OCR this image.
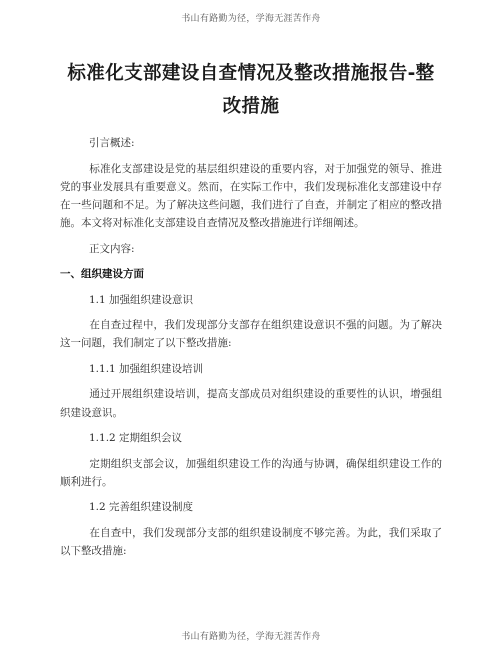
书山有路勤为径，学海无涯苦作舟
标准化支部建设自查情况及整改措施报告-整改措施
引言概述:
标准化支部建设是党的基层组织建设的重要内容，对于加强党的领导、推进党的事业发展具有重要意义。然而，在实际工作中，我们发现标准化支部建设中存在一些问题和不足。为了解决这些问题，我们进行了自查，并制定了相应的整改措施。本文将对标准化支部建设自查情况及整改措施进行详细阐述。
正文内容:
一、组织建设方面
1.1 加强组织建设意识
在自查过程中，我们发现部分支部存在组织建设意识不强的问题。为了解决这一问题，我们制定了以下整改措施:
1.1.1 加强组织建设培训
通过开展组织建设培训，提高支部成员对组织建设的重要性的认识，增强组织建设意识。
1.1.2 定期组织会议
定期组织支部会议，加强组织建设工作的沟通与协调，确保组织建设工作的顺利进行。
1.2 完善组织建设制度
在自查中，我们发现部分支部的组织建设制度不够完善。为此，我们采取了以下整改措施:
书山有路勤为径，学海无涯苦作舟
